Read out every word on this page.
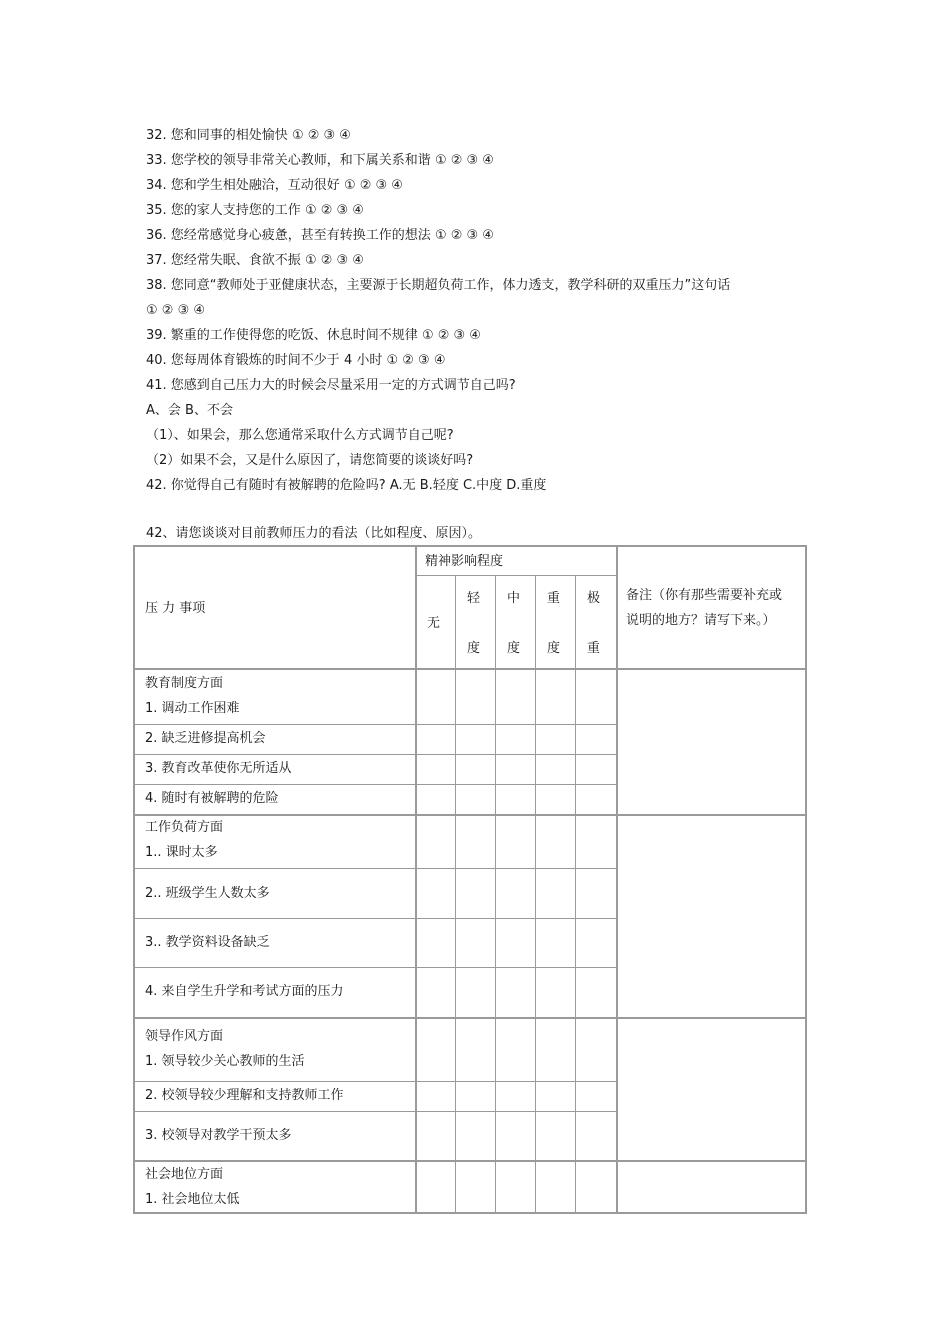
32. 您和同事的相处愉快 ① ② ③ ④
33. 您学校的领导非常关心教师，和下属关系和谐 ① ② ③ ④
34. 您和学生相处融洽，互动很好 ① ② ③ ④
35. 您的家人支持您的工作 ① ② ③ ④
36. 您经常感觉身心疲惫，甚至有转换工作的想法 ① ② ③ ④
37. 您经常失眠、食欲不振 ① ② ③ ④
38. 您同意“教师处于亚健康状态，主要源于长期超负荷工作，体力透支，教学科研的双重压力”这句话
① ② ③ ④
39. 繁重的工作使得您的吃饭、休息时间不规律 ① ② ③ ④
40. 您每周体育锻炼的时间不少于 4 小时 ① ② ③ ④
41. 您感到自己压力大的时候会尽量采用一定的方式调节自己吗?
A、会 B、不会
（1）、如果会，那么您通常采取什么方式调节自己呢?
（2）如果不会，又是什么原因了，请您简要的谈谈好吗?
42. 你觉得自己有随时有被解聘的危险吗? A.无 B.轻度 C.中度 D.重度
42、请您谈谈对目前教师压力的看法（比如程度、原因）。
压 力 事项
精神影响程度
无
轻
度
中
度
重
度
极
重
备注（你有那些需要补充或
说明的地方？请写下来。）
教育制度方面
1. 调动工作困难
2. 缺乏进修提高机会
3. 教育改革使你无所适从
4. 随时有被解聘的危险
工作负荷方面
1.. 课时太多
2.. 班级学生人数太多
3.. 教学资料设备缺乏
4. 来自学生升学和考试方面的压力
领导作风方面
1. 领导较少关心教师的生活
2. 校领导较少理解和支持教师工作
3. 校领导对教学干预太多
社会地位方面
1. 社会地位太低
